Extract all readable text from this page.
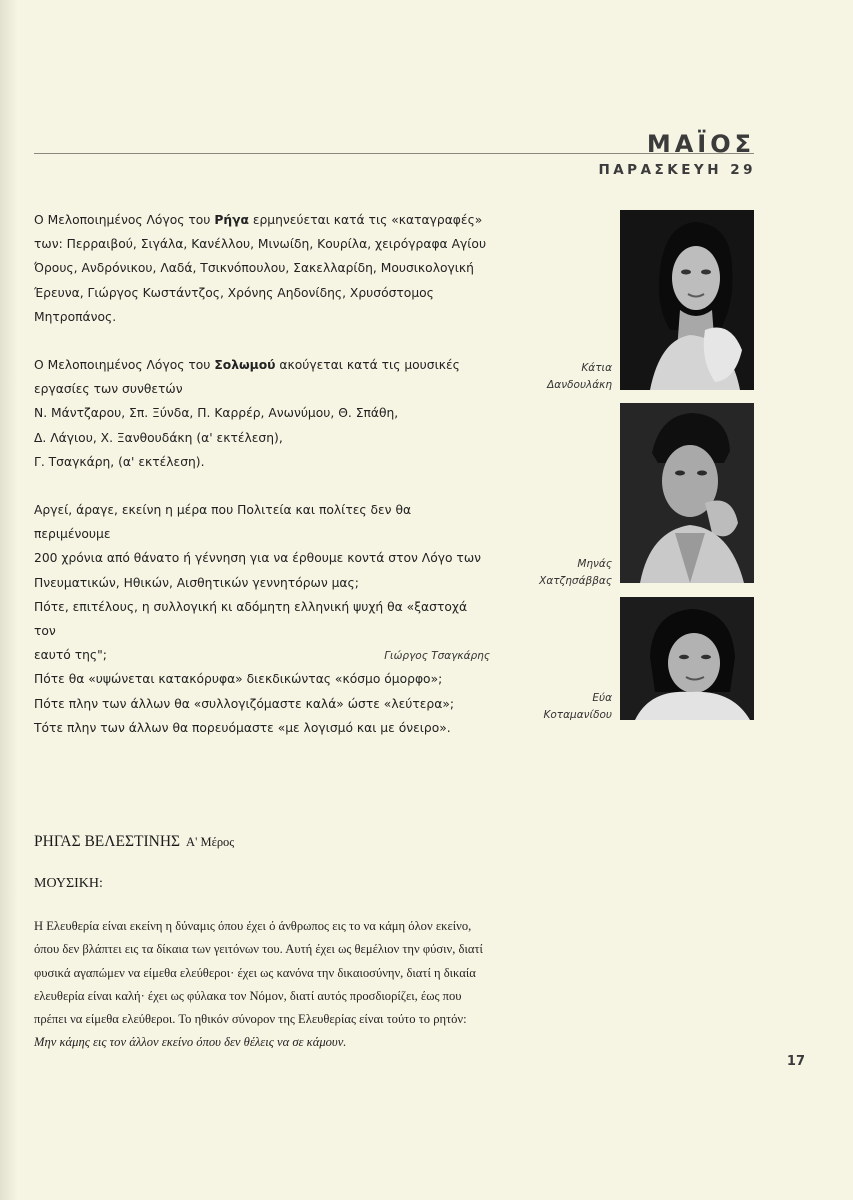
ΜΑΪΟΣ
ΠΑΡΑΣΚΕΥΗ 29

Ο Μελοποιημένος Λόγος του Ρήγα ερμηνεύεται κατά τις «καταγραφές» των: Περραιβού, Σιγάλα, Κανέλλου, Μινωίδη, Κουρίλα, χειρόγραφα Αγίου Όρους, Ανδρόνικου, Λαδά, Τσικνόπουλου, Σακελλαρίδη, Μουσικολογική Έρευνα, Γιώργος Κωστάντζος, Χρόνης Αηδονίδης, Χρυσόστομος Μητροπάνος.

Ο Μελοποιημένος Λόγος του Σολωμού ακούγεται κατά τις μουσικές
εργασίες των συνθετών
Ν. Μάντζαρου, Σπ. Ξύνδα, Π. Καρρέρ, Ανωνύμου, Θ. Σπάθη,
Δ. Λάγιου, Χ. Ξανθουδάκη (α' εκτέλεση),
Γ. Τσαγκάρη, (α' εκτέλεση).

Αργεί, άραγε, εκείνη η μέρα που Πολιτεία και πολίτες δεν θα περιμένουμε
200 χρόνια από θάνατο ή γέννηση για να έρθουμε κοντά στον Λόγο των
Πνευματικών, Ηθικών, Αισθητικών γεννητόρων μας;
Πότε, επιτέλους, η συλλογική κι αδόμητη ελληνική ψυχή θα «ξαστοχά τον
εαυτό της";
Πότε θα «υψώνεται κατακόρυφα» διεκδικώντας «κόσμο όμορφο»;
Πότε πλην των άλλων θα «συλλογιζόμαστε καλά» ώστε «λεύτερα»;
Τότε πλην των άλλων θα πορευόμαστε «με λογισμό και με όνειρο».

Γιώργος Τσαγκάρης
Κάτια
Δανδουλάκη
Μηνάς
Χατζησάββας
Εύα
Κοταμανίδου
ΡΗΓΑΣ ΒΕΛΕΣΤΙΝΗΣ Α' Μέρος
ΜΟΥΣΙΚΗ:
Η Ελευθερία είναι εκείνη η δύναμις όπου έχει ό άνθρωπος εις το να κάμη όλον εκείνο, όπου δεν βλάπτει εις τα δίκαια των γειτόνων του. Αυτή έχει ως θεμέλιον την φύσιν, διατί φυσικά αγαπώμεν να είμεθα ελεύθεροι· έχει ως κανόνα την δικαιοσύνην, διατί η δικαία ελευθερία είναι καλή· έχει ως φύλακα τον Νόμον, διατί αυτός προσδιορίζει, έως που πρέπει να είμεθα ελεύθεροι. Το ηθικόν σύνορον της Ελευθερίας είναι τούτο το ρητόν: Μην κάμης εις τον άλλον εκείνο όπου δεν θέλεις να σε κάμουν.
17
